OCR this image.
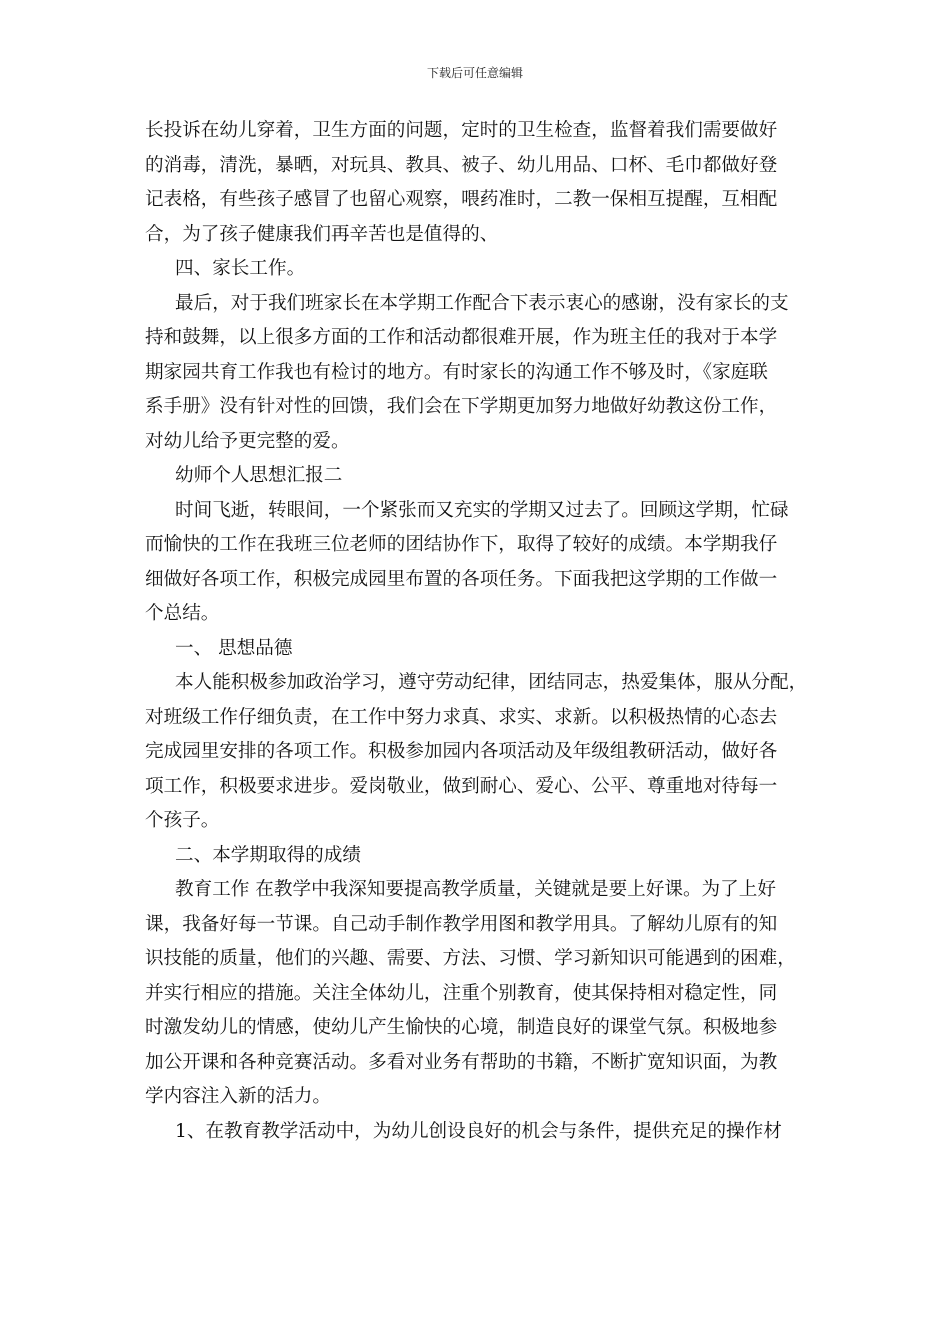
下载后可任意编辑
长投诉在幼儿穿着，卫生方面的问题，定时的卫生检查，监督着我们需要做好
的消毒，清洗，暴晒，对玩具、教具、被子、幼儿用品、口杯、毛巾都做好登
记表格，有些孩子感冒了也留心观察，喂药准时，二教一保相互提醒，互相配
合，为了孩子健康我们再辛苦也是值得的、
四、家长工作。
最后，对于我们班家长在本学期工作配合下表示衷心的感谢，没有家长的支
持和鼓舞，以上很多方面的工作和活动都很难开展，作为班主任的我对于本学
期家园共育工作我也有检讨的地方。有时家长的沟通工作不够及时，《家庭联
系手册》没有针对性的回馈，我们会在下学期更加努力地做好幼教这份工作，
对幼儿给予更完整的爱。
幼师个人思想汇报二
时间飞逝，转眼间，一个紧张而又充实的学期又过去了。回顾这学期，忙碌
而愉快的工作在我班三位老师的团结协作下，取得了较好的成绩。本学期我仔
细做好各项工作，积极完成园里布置的各项任务。下面我把这学期的工作做一
个总结。
一、 思想品德
本人能积极参加政治学习，遵守劳动纪律，团结同志，热爱集体，服从分配，
对班级工作仔细负责，在工作中努力求真、求实、求新。以积极热情的心态去
完成园里安排的各项工作。积极参加园内各项活动及年级组教研活动，做好各
项工作，积极要求进步。爱岗敬业，做到耐心、爱心、公平、尊重地对待每一
个孩子。
二、本学期取得的成绩
教育工作 在教学中我深知要提高教学质量，关键就是要上好课。为了上好
课，我备好每一节课。自己动手制作教学用图和教学用具。了解幼儿原有的知
识技能的质量，他们的兴趣、需要、方法、习惯、学习新知识可能遇到的困难，
并实行相应的措施。关注全体幼儿，注重个别教育，使其保持相对稳定性，同
时激发幼儿的情感，使幼儿产生愉快的心境，制造良好的课堂气氛。积极地参
加公开课和各种竞赛活动。多看对业务有帮助的书籍，不断扩宽知识面，为教
学内容注入新的活力。
1、在教育教学活动中，为幼儿创设良好的机会与条件，提供充足的操作材
